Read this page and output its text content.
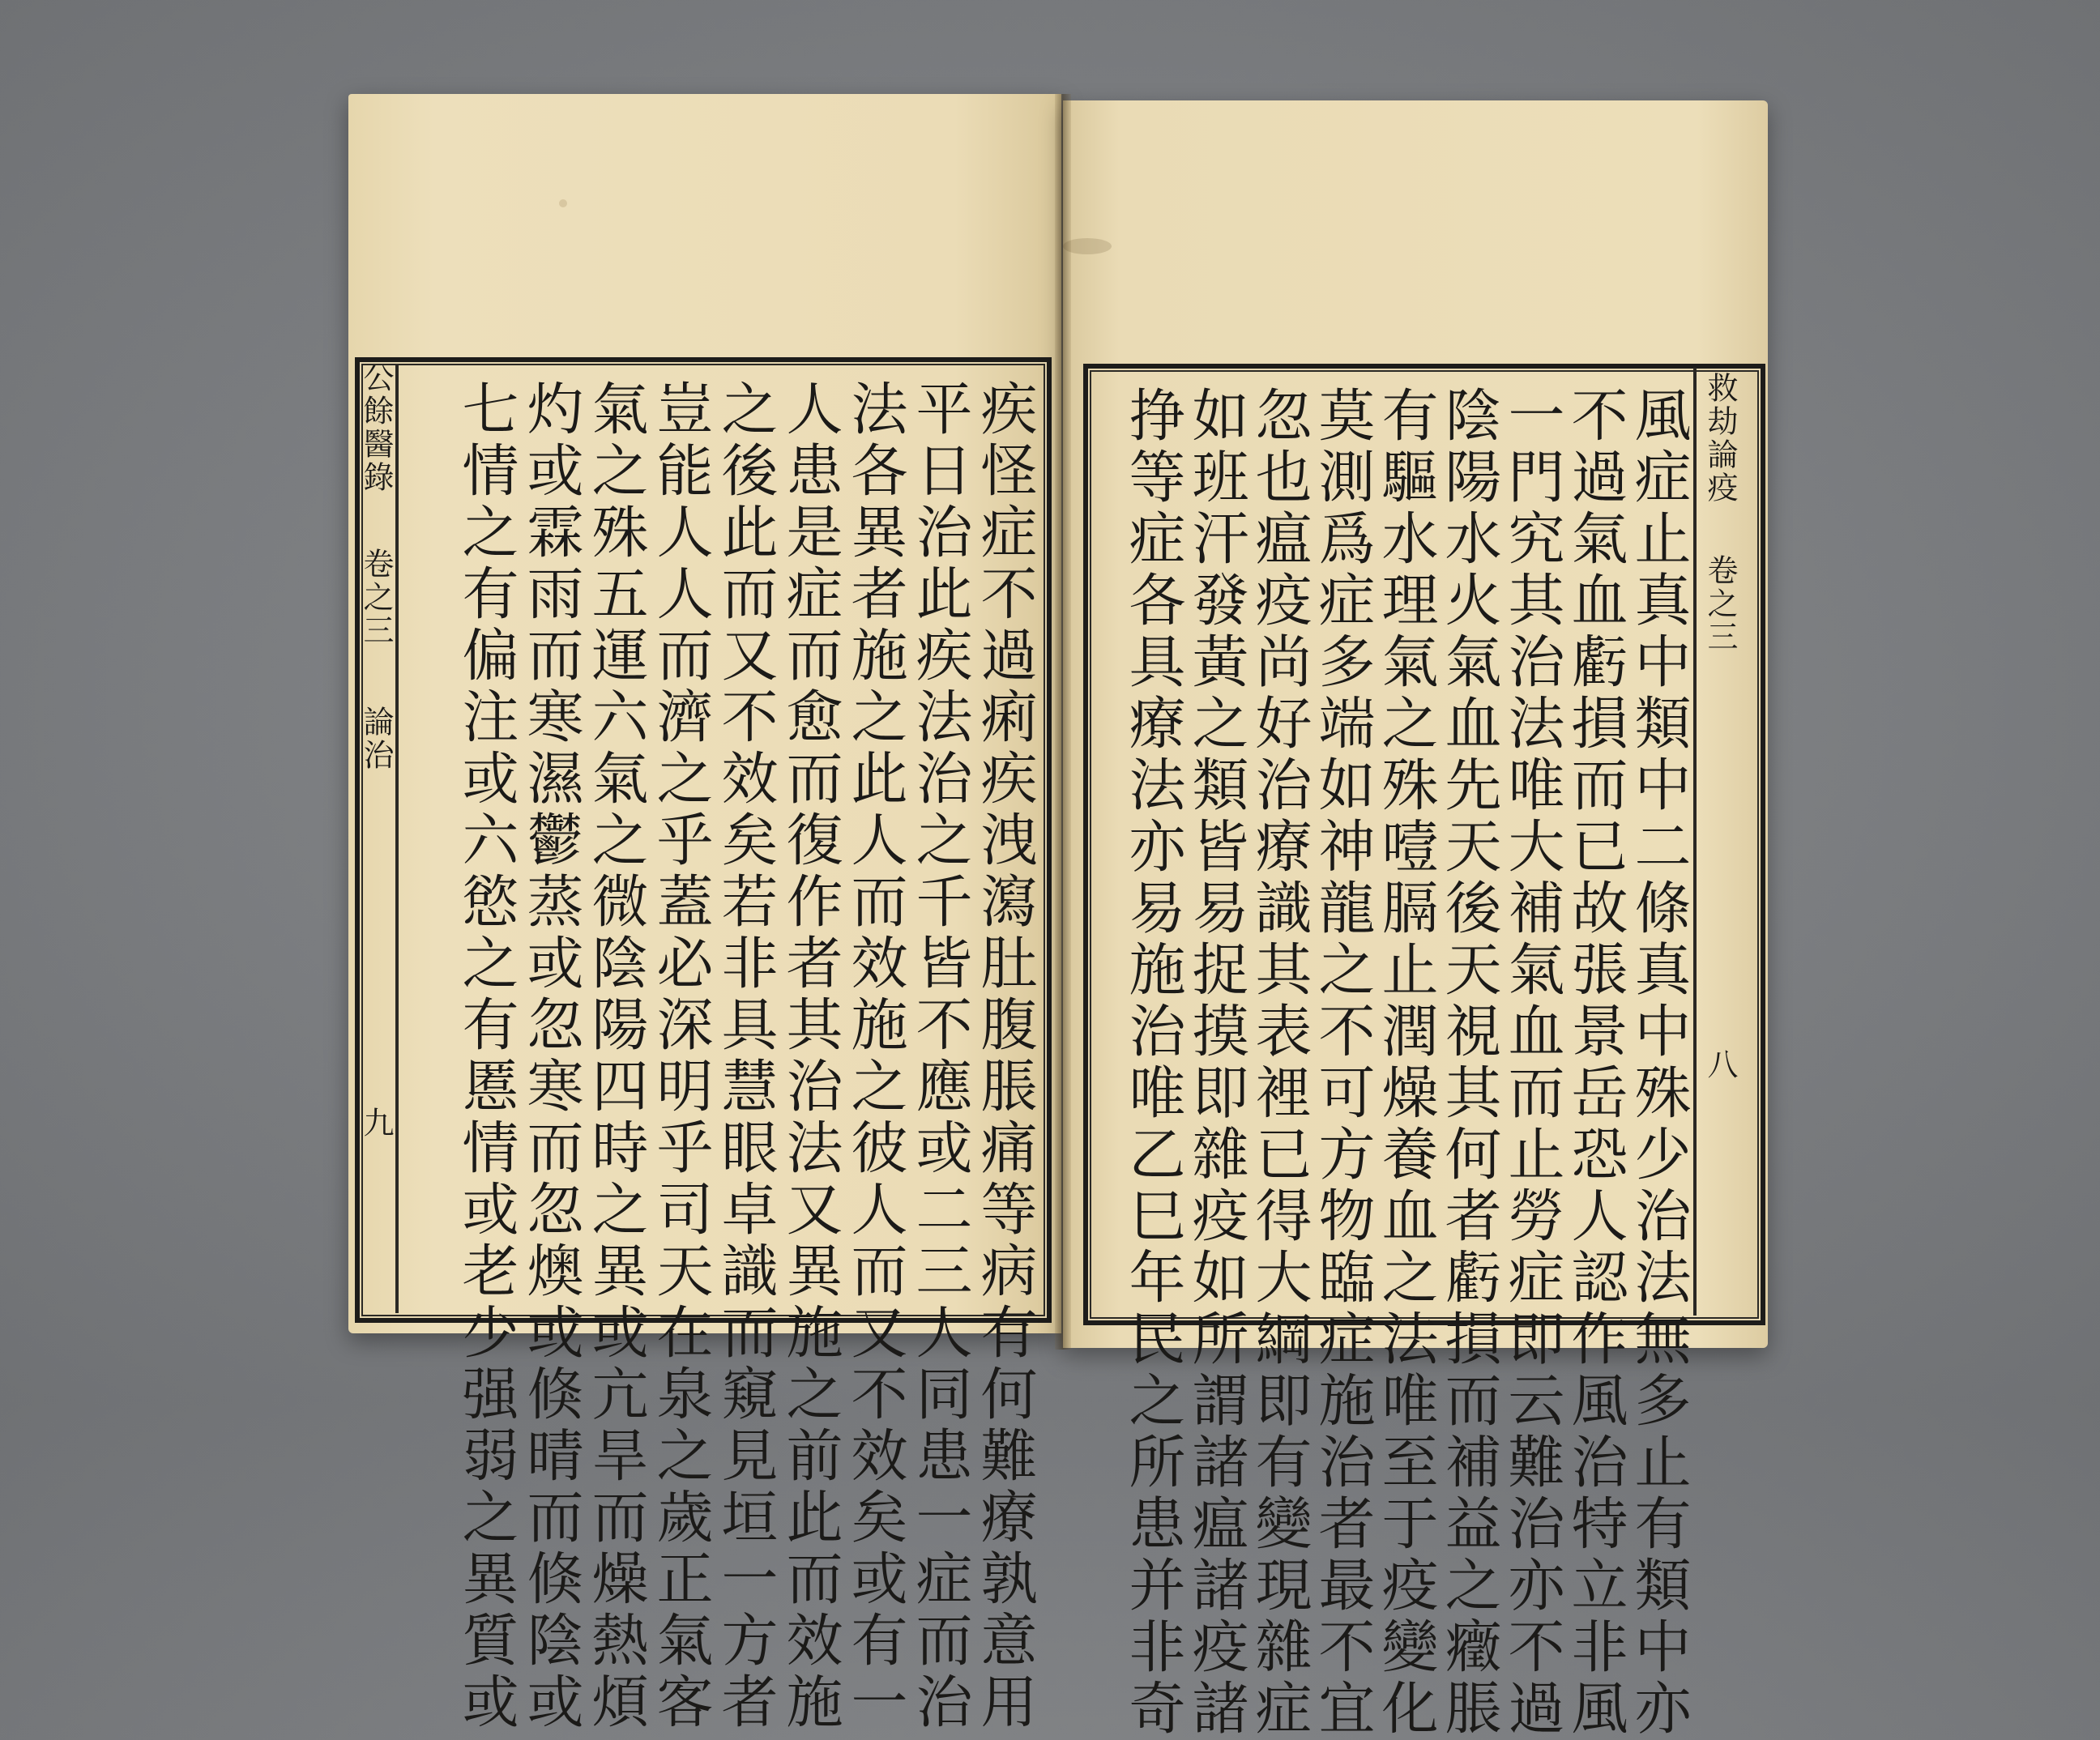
公餘醫錄
卷之三
論治
九	疾怪症不過痢疾洩瀉肚腹脹痛等病有何難療孰意用
平日治此疾法治之千皆不應或二三人同患一症而治
法各異者施之此人而效施之彼人而又不效矣或有一
人患是症而愈而復作者其治法又異施之前此而效施
之後此而又不效矣若非具慧眼卓識而窺見垣一方者
豈能人人而濟之乎蓋必深明乎司天在泉之歲正氣客
氣之殊五運六氣之微陰陽四時之異或亢旱而燥熱煩
灼或霖雨而寒濕鬱蒸或忽寒而忽燠或倏晴而倏陰或
七情之有偏注或六慾之有慝情或老少强弱之異質或	風症止真中類中二條真中殊少治法無多止有類中亦
不過氣血虧損而已故張景岳恐人認作風治特立非風
一門究其治法唯大補氣血而止勞症即云難治亦不過
陰陽水火氣血先天後天視其何者虧損而補益之癥脹
有驅水理氣之殊噎膈止潤燥養血之法唯至于疫變化
莫測爲症多端如神龍之不可方物臨症施治者最不宜
忽也瘟疫尚好治療識其表裡已得大綱即有變現雜症
如班汗發黃之類皆易捉摸即雜疫如所謂諸瘟諸疫諸
挣等症各具療法亦易施治唯乙巳年民之所患并非奇	救劫論疫
卷之三
八
